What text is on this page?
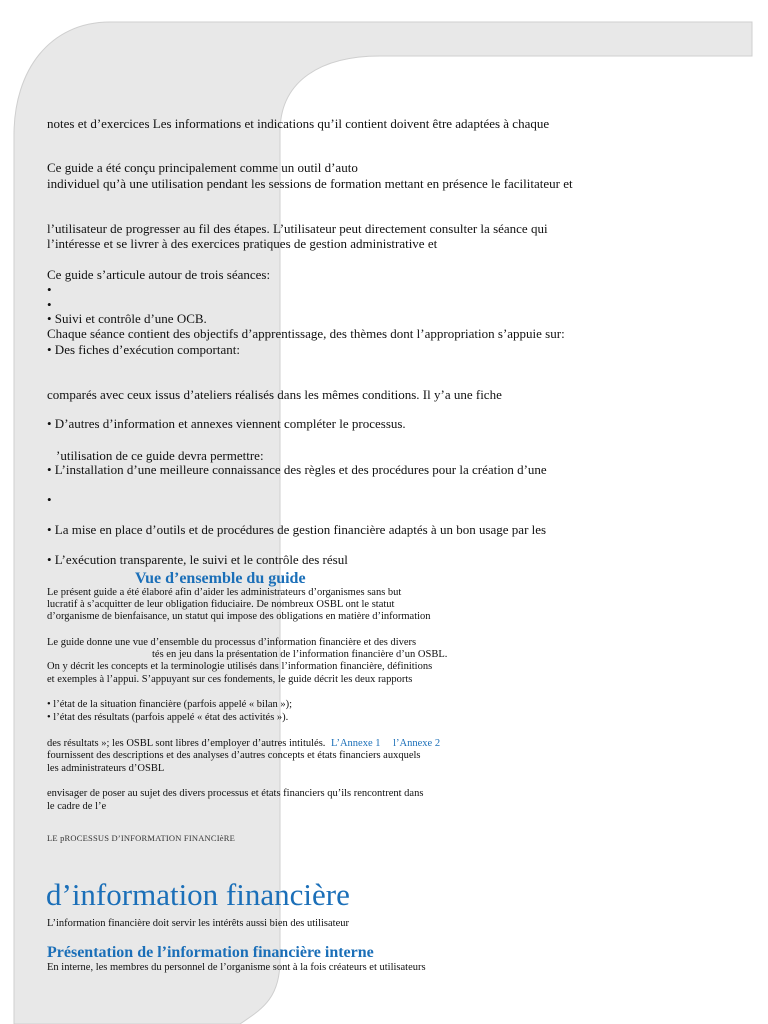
notes et d’exercices Les informations et indications qu’il contient doivent être adaptées à chaque
Ce guide a été conçu principalement comme un outil d’auto
individuel qu’à une utilisation pendant les sessions de formation mettant en présence le facilitateur et
l’utilisateur de progresser au fil des étapes. L’utilisateur peut directement consulter la séance qui
l’intéresse et se livrer à des exercices pratiques de gestion administrative et
Ce guide s’articule autour de trois séances:
•
•
• Suivi et contrôle d’une OCB.
Chaque séance contient des objectifs d’apprentissage, des thèmes dont l’appropriation s’appuie sur:
• Des fiches d’exécution comportant:
comparés avec ceux issus d’ateliers réalisés dans les mêmes conditions. Il y’a une fiche
• D’autres d’information et annexes viennent compléter le processus.
’utilisation de ce guide devra permettre:
• L’installation d’une meilleure connaissance des règles et des procédures pour la création d’une
•
• La mise en place d’outils et de procédures de gestion financière adaptés à un bon usage par les
• L’exécution transparente, le suivi et le contrôle des résul
Vue d’ensemble du guide
Le présent guide a été élaboré afin d’aider les administrateurs d’organismes sans but
lucratif à s’acquitter de leur obligation fiduciaire. De nombreux OSBL ont le statut
d’organisme de bienfaisance, un statut qui impose des obligations en matière d’information
Le guide donne une vue d’ensemble du processus d’information financière et des divers
tés en jeu dans la présentation de l’information financière d’un OSBL.
On y décrit les concepts et la terminologie utilisés dans l’information financière, définitions
et exemples à l’appui. S’appuyant sur ces fondements, le guide décrit les deux rapports
• l’état de la situation financière (parfois appelé « bilan »);
• l’état des résultats (parfois appelé « état des activités »).
des résultats »; les OSBL sont libres d’employer d’autres intitulés. L’Annexe 1 l’Annexe 2
fournissent des descriptions et des analyses d’autres concepts et états financiers auxquels
les administrateurs d’OSBL
envisager de poser au sujet des divers processus et états financiers qu’ils rencontrent dans
le cadre de l’e
LE pROCESSUS D’INFORMATION FINANCIèRE
d’information financière
L’information financière doit servir les intérêts aussi bien des utilisateur
Présentation de l’information financière interne
En interne, les membres du personnel de l’organisme sont à la fois créateurs et utilisateurs
